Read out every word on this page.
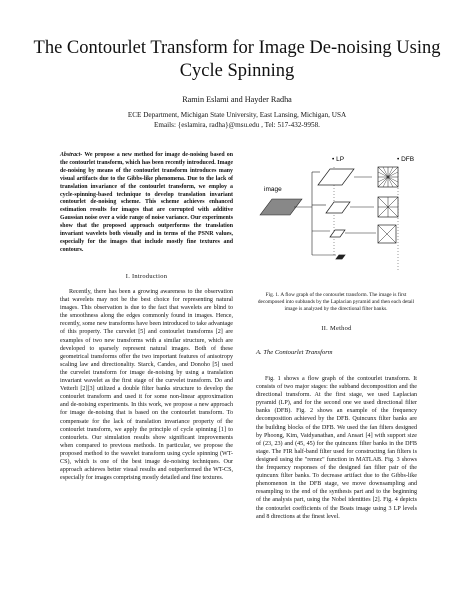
The Contourlet Transform for Image De-noising Using Cycle Spinning
Ramin Eslami and Hayder Radha
ECE Department, Michigan State University, East Lansing, Michigan, USA
Emails: {eslamira, radha}@msu.edu , Tel: 517-432-9958.
Abstract- We propose a new method for image de-noising based on the contourlet transform, which has been recently introduced. Image de-noising by means of the contourlet transform introduces many visual artifacts due to the Gibbs-like phenomena. Due to the lack of translation invariance of the contourlet transform, we employ a cycle-spinning-based technique to develop translation invariant contourlet de-noising scheme. This scheme achieves enhanced estimation results for images that are corrupted with additive Gaussian noise over a wide range of noise variance. Our experiments show that the proposed approach outperforms the translation invariant wavelets both visually and in terms of the PSNR values, especially for the images that include mostly fine textures and contours.
I. Introduction
Recently, there has been a growing awareness to the observation that wavelets may not be the best choice for representing natural images. This observation is due to the fact that wavelets are blind to the smoothness along the edges commonly found in images. Hence, recently, some new transforms have been introduced to take advantage of this property. The curvelet [5] and contourlet transforms [2] are examples of two new transforms with a similar structure, which are developed to sparsely represent natural images. Both of these geometrical transforms offer the two important features of anisotropy scaling law and directionality. Starck, Candes, and Donoho [5] used the curvelet transform for image de-noising by using a translation invariant wavelet as the first stage of the curvelet transform. Do and Vetterli [2][3] utilized a double filter banks structure to develop the contourlet transform and used it for some non-linear approximation and de-noising experiments. In this work, we propose a new approach for image de-noising that is based on the contourlet transform. To compensate for the lack of translation invariance property of the contourlet transform, we apply the principle of cycle spinning [1] to contourlets. Our simulation results show significant improvements when compared to previous methods. In particular, we propose the proposed method to the wavelet transform using cycle spinning (WT-CS), which is one of the best image de-noising techniques. Our approach achieves better visual results and outperformed the WT-CS, especially for images comprising mostly detailed and fine textures.
• LP	• DFB
image
Fig. 1. A flow graph of the contourlet transform. The image is first decomposed into subbands by the Laplacian pyramid and then each detail image is analyzed by the directional filter banks.
II. Method
A. The Contourlet Transform
Fig. 1 shows a flow graph of the contourlet transform. It consists of two major stages: the subband decomposition and the directional transform. At the first stage, we used Laplacian pyramid (LP), and for the second one we used directional filter banks (DFB). Fig. 2 shows an example of the frequency decomposition achieved by the DFB. Quincunx filter banks are the building blocks of the DFB. We used the fan filters designed by Phoong, Kim, Vaidyanathan, and Ansari [4] with support size of (23, 23) and (45, 45) for the quincunx filter banks in the DFB stage. The FIR half-band filter used for constructing fan filters is designed using the "remez" function in MATLAB. Fig. 3 shows the frequency responses of the designed fan filter pair of the quincunx filter banks. To decrease artifact due to the Gibbs-like phenomenon in the DFB stage, we move downsampling and resampling to the end of the synthesis part and to the beginning of the analysis part, using the Nobel identities [2]. Fig. 4 depicts the contourlet coefficients of the Boats image using 3 LP levels and 8 directions at the finest level.
